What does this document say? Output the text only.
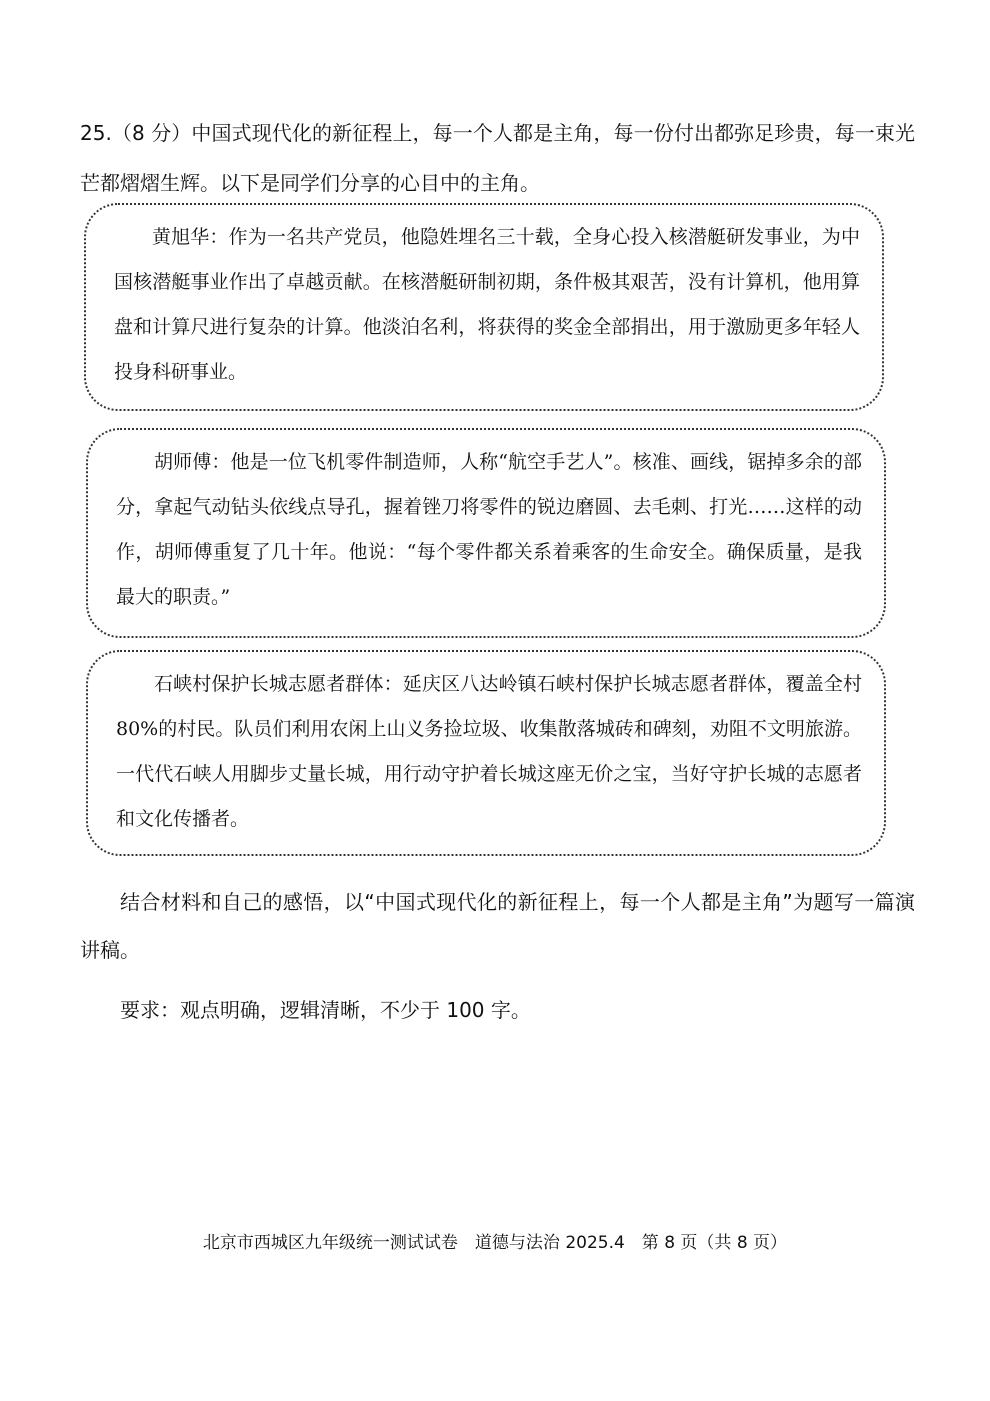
25.（8 分）中国式现代化的新征程上，每一个人都是主角，每一份付出都弥足珍贵，每一束光芒都熠熠生辉。以下是同学们分享的心目中的主角。

黄旭华：作为一名共产党员，他隐姓埋名三十载，全身心投入核潜艇研发事业，为中国核潜艇事业作出了卓越贡献。在核潜艇研制初期，条件极其艰苦，没有计算机，他用算盘和计算尺进行复杂的计算。他淡泊名利，将获得的奖金全部捐出，用于激励更多年轻人投身科研事业。

胡师傅：他是一位飞机零件制造师，人称“航空手艺人”。核准、画线，锯掉多余的部分，拿起气动钻头依线点导孔，握着锉刀将零件的锐边磨圆、去毛刺、打光……这样的动作，胡师傅重复了几十年。他说：“每个零件都关系着乘客的生命安全。确保质量，是我最大的职责。”

石峡村保护长城志愿者群体：延庆区八达岭镇石峡村保护长城志愿者群体，覆盖全村 80%的村民。队员们利用农闲上山义务捡垃圾、收集散落城砖和碑刻，劝阻不文明旅游。一代代石峡人用脚步丈量长城，用行动守护着长城这座无价之宝，当好守护长城的志愿者和文化传播者。

结合材料和自己的感悟，以“中国式现代化的新征程上，每一个人都是主角”为题写一篇演讲稿。

要求：观点明确，逻辑清晰，不少于 100 字。

北京市西城区九年级统一测试试卷　道德与法治 2025.4　第 8 页（共 8 页）
